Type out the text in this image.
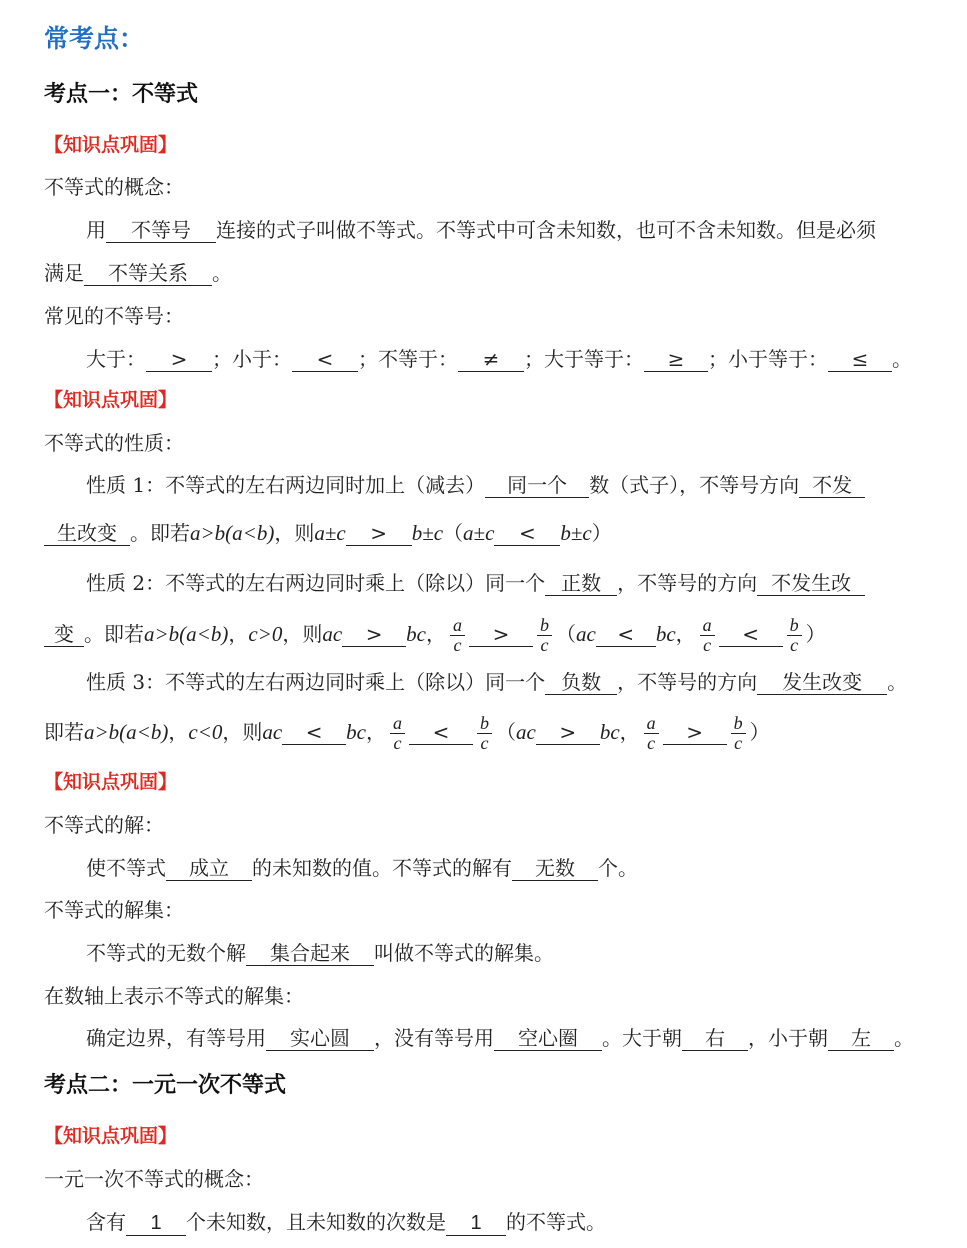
常考点：
考点一：不等式
【知识点巩固】
不等式的概念：
用 不等号 连接的式子叫做不等式。不等式中可含未知数，也可不含未知数。但是必须
满足 不等关系 。
常见的不等号：
大于： > ；小于： < ；不等于： ≠ ；大于等于： ≥ ；小于等于： ≤ 。
【知识点巩固】
不等式的性质：
性质 1：不等式的左右两边同时加上（减去） 同一个 数（式子），不等号方向 不发
生改变 。即若a>b(a<b)，则a±c > b±c（a±c < b±c）
性质 2：不等式的左右两边同时乘上（除以）同一个 正数 ，不等号的方向 不发生改
变 。即若a>b(a<b)，c>0，则ac > bc， $\frac{a}{c} > \frac{b}{c} (ac$ < bc， $\frac{a}{c} < \frac{b}{c}$ ）
性质 3：不等式的左右两边同时乘上（除以）同一个 负数 ，不等号的方向 发生改变 。
即若a>b(a<b)，c<0，则ac < bc， $\frac{a}{c} < \frac{b}{c} (ac$ > bc， $\frac{a}{c} > \frac{b}{c}$ ）
【知识点巩固】
不等式的解：
使不等式 成立 的未知数的值。不等式的解有 无数 个。
不等式的解集：
不等式的无数个解 集合起来 叫做不等式的解集。
在数轴上表示不等式的解集：
确定边界，有等号用 实心圆 ，没有等号用 空心圈 。大于朝 右 ，小于朝 左 。
考点二：一元一次不等式
【知识点巩固】
一元一次不等式的概念：
含有 1 个未知数，且未知数的次数是 1 的不等式。
